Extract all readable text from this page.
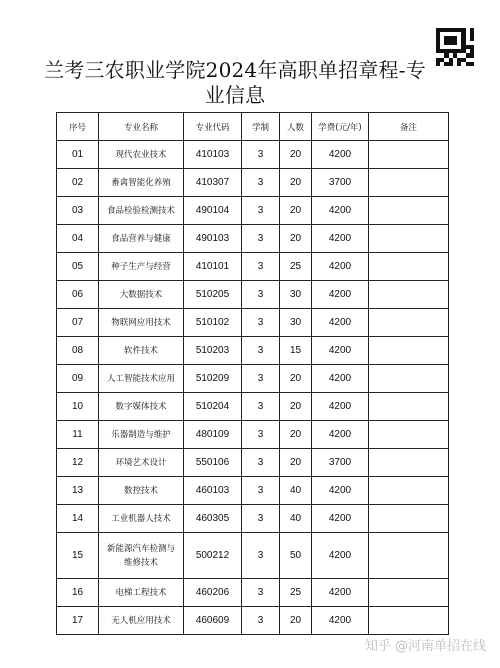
兰考三农职业学院2024年高职单招章程-专业信息
序号	专业名称	专业代码	学制	人数	学费(元/年)	备注
01	现代农业技术	410103	3	20	4200	
02	畜禽智能化养殖	410307	3	20	3700	
03	食品检验检测技术	490104	3	20	4200	
04	食品营养与健康	490103	3	20	4200	
05	种子生产与经营	410101	3	25	4200	
06	大数据技术	510205	3	30	4200	
07	物联网应用技术	510102	3	30	4200	
08	软件技术	510203	3	15	4200	
09	人工智能技术应用	510209	3	20	4200	
10	数字媒体技术	510204	3	20	4200	
11	乐器制造与维护	480109	3	20	4200	
12	环境艺术设计	550106	3	20	3700	
13	数控技术	460103	3	40	4200	
14	工业机器人技术	460305	3	40	4200	
15	新能源汽车检测与维修技术	500212	3	50	4200	
16	电梯工程技术	460206	3	25	4200	
17	无人机应用技术	460609	3	20	4200	
知乎 @河南单招在线
